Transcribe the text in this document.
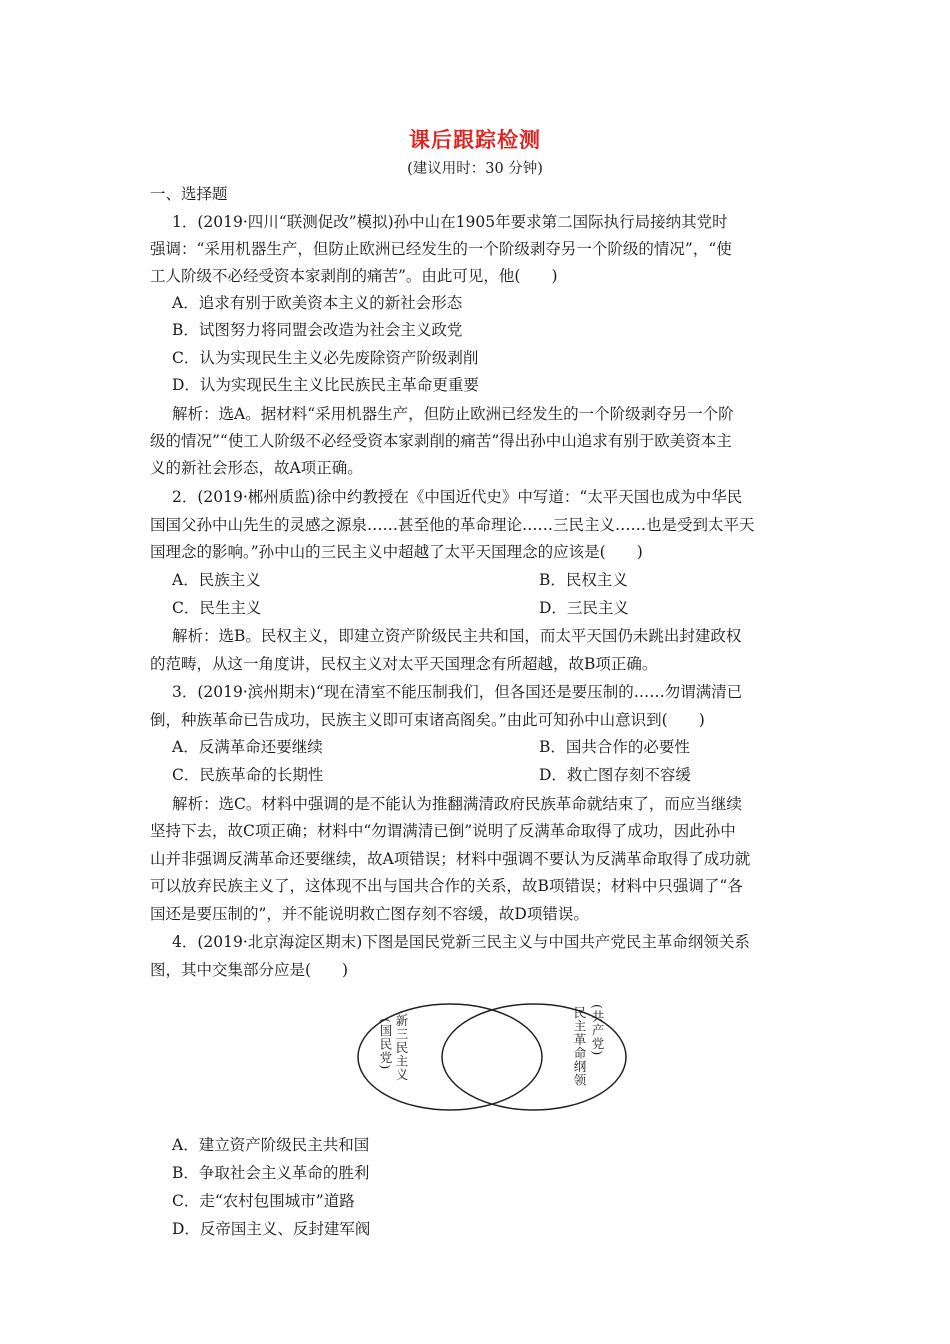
课后跟踪检测
(建议用时：30 分钟)
一、选择题
1．(2019·四川“联测促改”模拟)孙中山在1905年要求第二国际执行局接纳其党时
强调：“采用机器生产，但防止欧洲已经发生的一个阶级剥夺另一个阶级的情况”，“使
工人阶级不必经受资本家剥削的痛苦”。由此可见，他(　　)
A．追求有别于欧美资本主义的新社会形态
B．试图努力将同盟会改造为社会主义政党
C．认为实现民生主义必先废除资产阶级剥削
D．认为实现民生主义比民族民主革命更重要
解析：选A。据材料“采用机器生产，但防止欧洲已经发生的一个阶级剥夺另一个阶
级的情况”“使工人阶级不必经受资本家剥削的痛苦”得出孙中山追求有别于欧美资本主
义的新社会形态，故A项正确。
2．(2019·郴州质监)徐中约教授在《中国近代史》中写道：“太平天国也成为中华民
国国父孙中山先生的灵感之源泉……甚至他的革命理论……三民主义……也是受到太平天
国理念的影响。”孙中山的三民主义中超越了太平天国理念的应该是(　　)
A．民族主义	B．民权主义
C．民生主义	D．三民主义
解析：选B。民权主义，即建立资产阶级民主共和国，而太平天国仍未跳出封建政权
的范畴，从这一角度讲，民权主义对太平天国理念有所超越，故B项正确。
3．(2019·滨州期末)“现在清室不能压制我们，但各国还是要压制的……勿谓满清已
倒，种族革命已告成功，民族主义即可束诸高阁矣。”由此可知孙中山意识到(　　)
A．反满革命还要继续	B．国共合作的必要性
C．民族革命的长期性	D．救亡图存刻不容缓
解析：选C。材料中强调的是不能认为推翻满清政府民族革命就结束了，而应当继续
坚持下去，故C项正确；材料中“勿谓满清已倒”说明了反满革命取得了成功，因此孙中
山并非强调反满革命还要继续，故A项错误；材料中强调不要认为反满革命取得了成功就
可以放弃民族主义了，这体现不出与国共合作的关系，故B项错误；材料中只强调了“各
国还是要压制的”，并不能说明救亡图存刻不容缓，故D项错误。
4．(2019·北京海淀区期末)下图是国民党新三民主义与中国共产党民主革命纲领关系
图，其中交集部分应是(　　)
新三民主义
(国民党)	(共产党)
民主革命纲领
A．建立资产阶级民主共和国
B．争取社会主义革命的胜利
C．走“农村包围城市”道路
D．反帝国主义、反封建军阀
